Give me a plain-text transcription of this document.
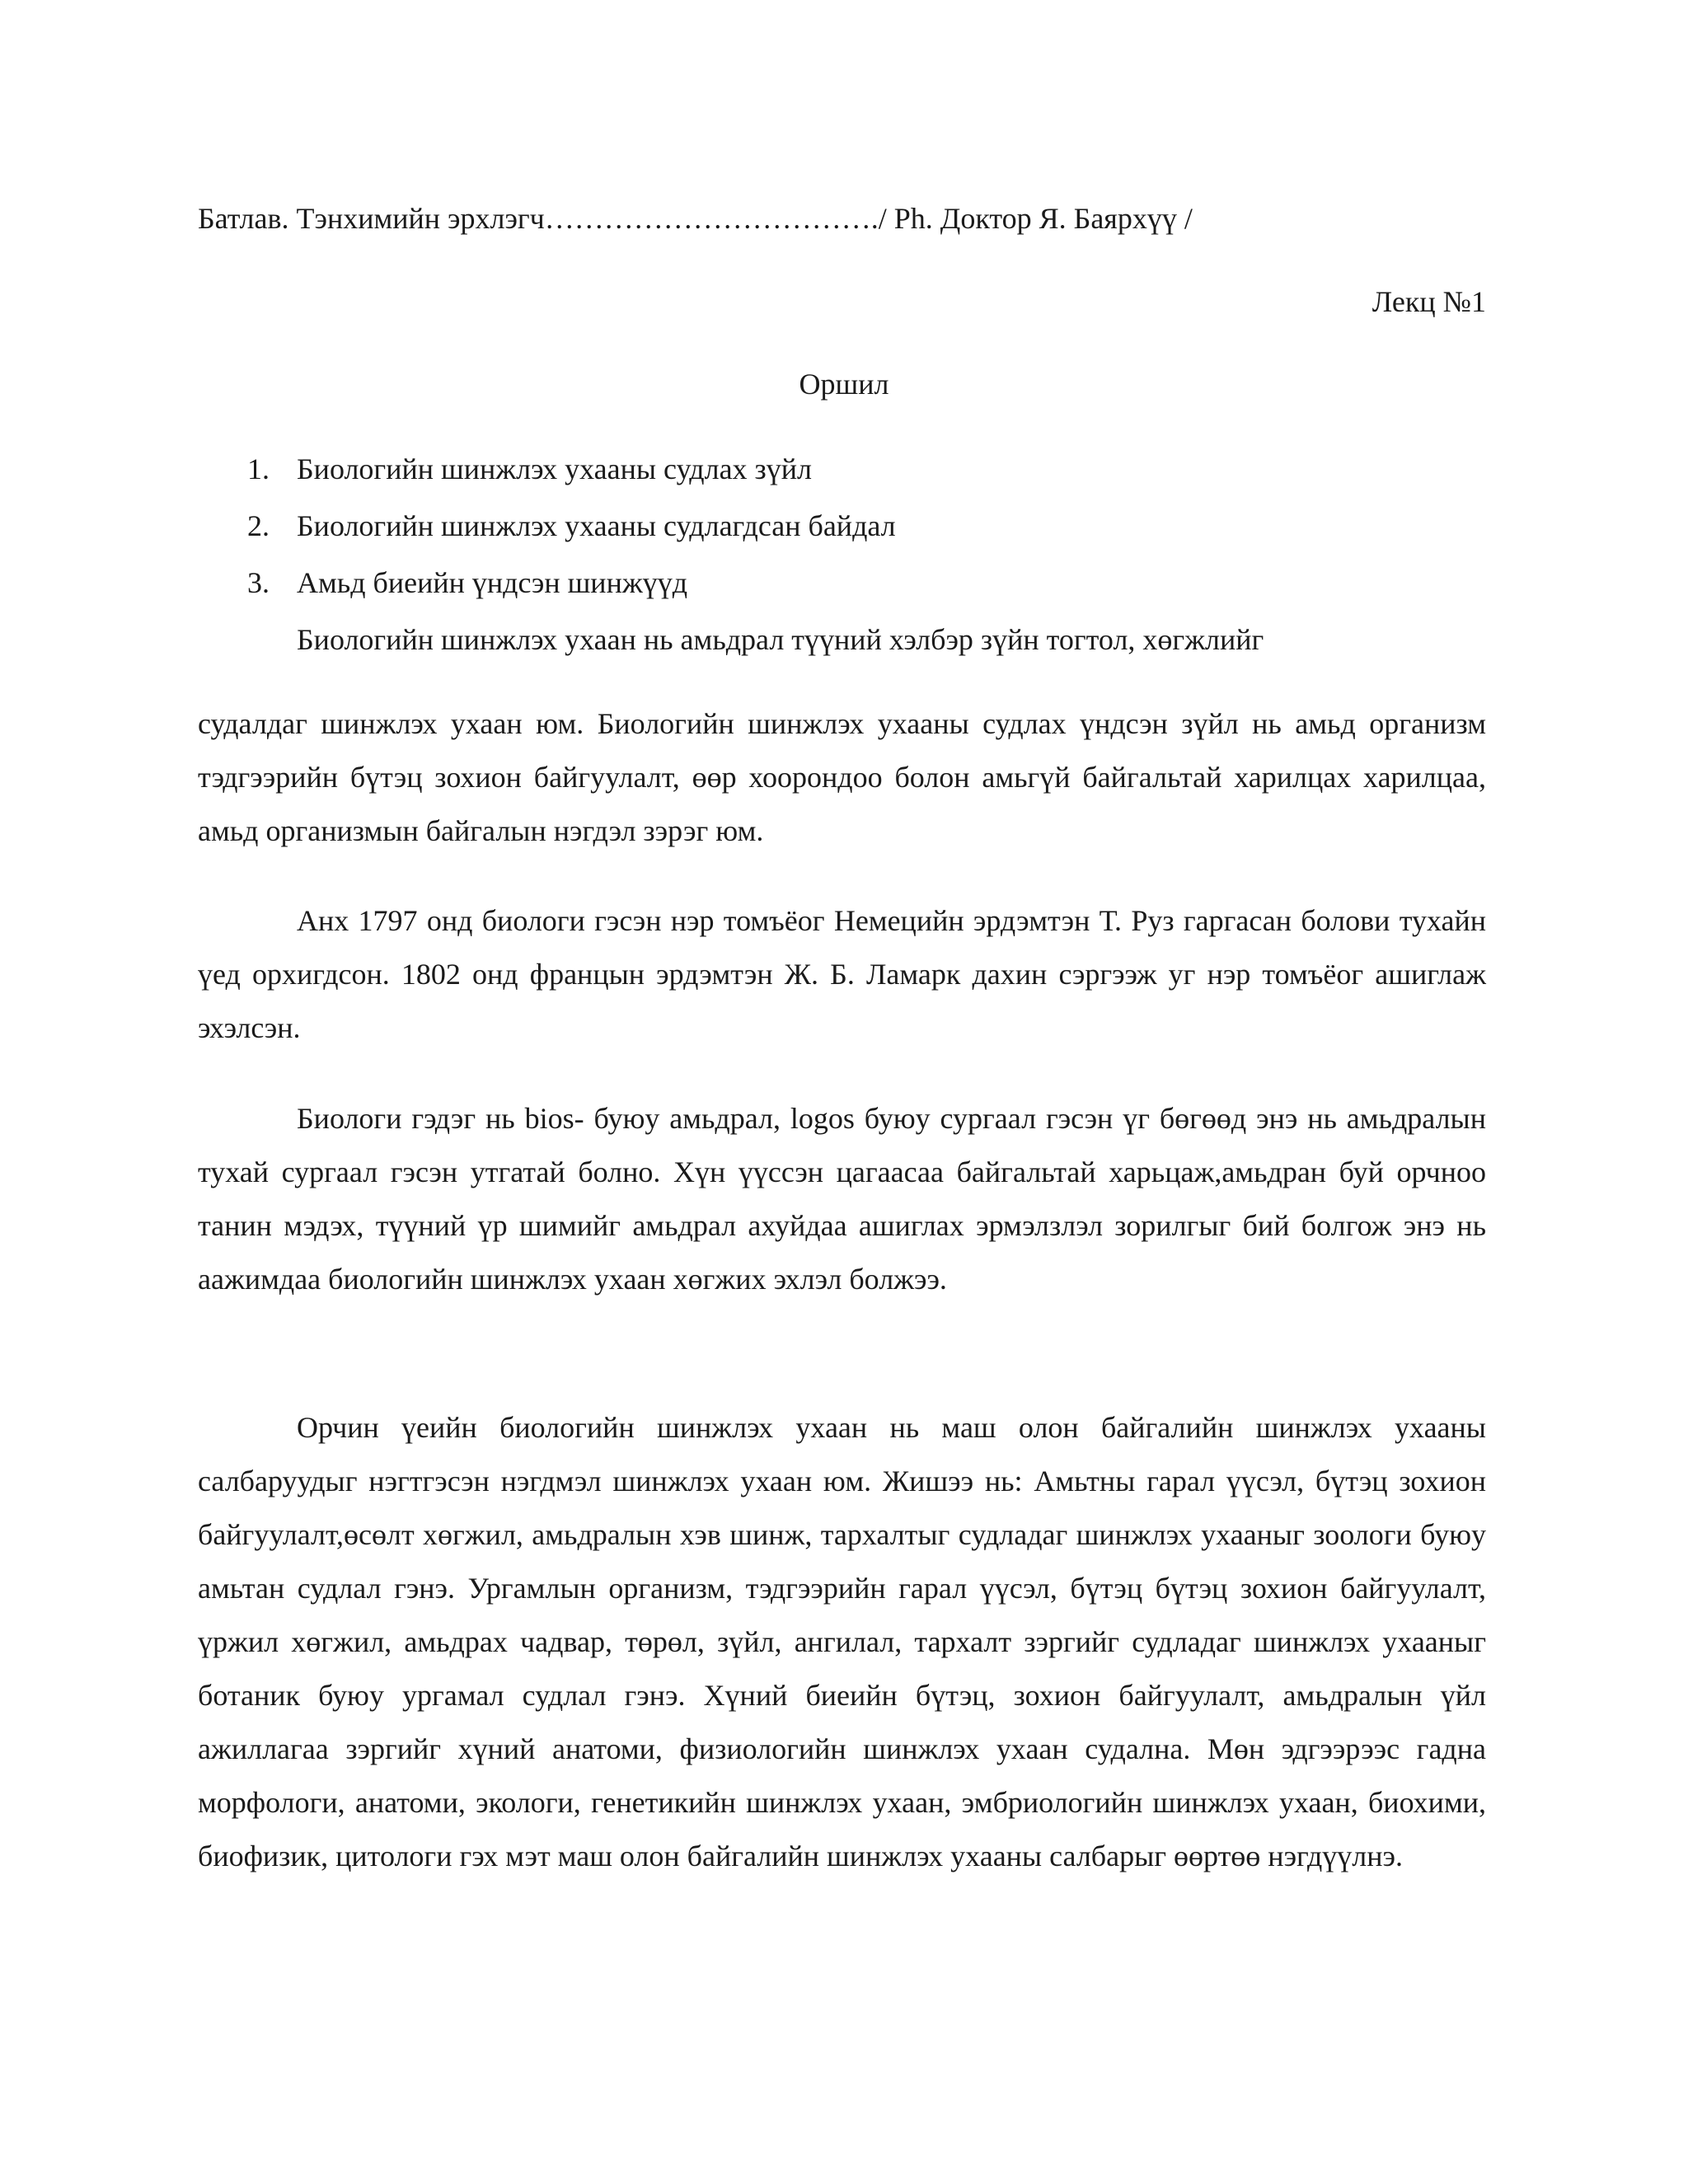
Батлав. Тэнхимийн эрхлэгч……………………………./ Ph. Доктор Я. Баярхүү /
Лекц №1
Оршил
1. Биологийн шинжлэх ухааны судлах зүйл
2. Биологийн шинжлэх ухааны судлагдсан байдал
3. Амьд биеийн үндсэн шинжүүд
Биологийн шинжлэх ухаан нь амьдрал түүний хэлбэр зүйн тогтол, хөгжлийг

судалдаг шинжлэх ухаан юм. Биологийн шинжлэх ухааны судлах үндсэн зүйл нь амьд организм тэдгээрийн бүтэц зохион байгуулалт, өөр хоорондоо болон амьгүй байгальтай харилцах харилцаа, амьд организмын байгалын нэгдэл зэрэг юм.

Анх 1797 онд биологи гэсэн нэр томъёог Немецийн эрдэмтэн Т. Руз гаргасан болови тухайн үед орхигдсон. 1802 онд францын эрдэмтэн Ж. Б. Ламарк дахин сэргээж уг нэр томъёог ашиглаж эхэлсэн.

Биологи гэдэг нь bios- буюу амьдрал, logos буюу сургаал гэсэн үг бөгөөд энэ нь амьдралын тухай сургаал гэсэн утгатай болно. Хүн үүссэн цагаасаа байгальтай харьцаж,амьдран буй орчноо танин мэдэх, түүний үр шимийг амьдрал ахуйдаа ашиглах эрмэлзлэл зорилгыг бий болгож энэ нь аажимдаа биологийн шинжлэх ухаан хөгжих эхлэл болжээ.

Орчин үеийн биологийн шинжлэх ухаан нь маш олон байгалийн шинжлэх ухааны салбаруудыг нэгтгэсэн нэгдмэл шинжлэх ухаан юм. Жишээ нь: Амьтны гарал үүсэл, бүтэц зохион байгуулалт,өсөлт хөгжил, амьдралын хэв шинж, тархалтыг судладаг шинжлэх ухааныг зоологи буюу амьтан судлал гэнэ. Ургамлын организм, тэдгээрийн гарал үүсэл, бүтэц бүтэц зохион байгуулалт, үржил хөгжил, амьдрах чадвар, төрөл, зүйл, ангилал, тархалт зэргийг судладаг шинжлэх ухааныг ботаник буюу ургамал судлал гэнэ. Хүний биеийн бүтэц, зохион байгуулалт, амьдралын үйл ажиллагаа зэргийг хүний анатоми, физиологийн шинжлэх ухаан судална. Мөн эдгээрээс гадна морфологи, анатоми, экологи, генетикийн шинжлэх ухаан, эмбриологийн шинжлэх ухаан, биохими, биофизик, цитологи гэх мэт маш олон байгалийн шинжлэх ухааны салбарыг өөртөө нэгдүүлнэ.
